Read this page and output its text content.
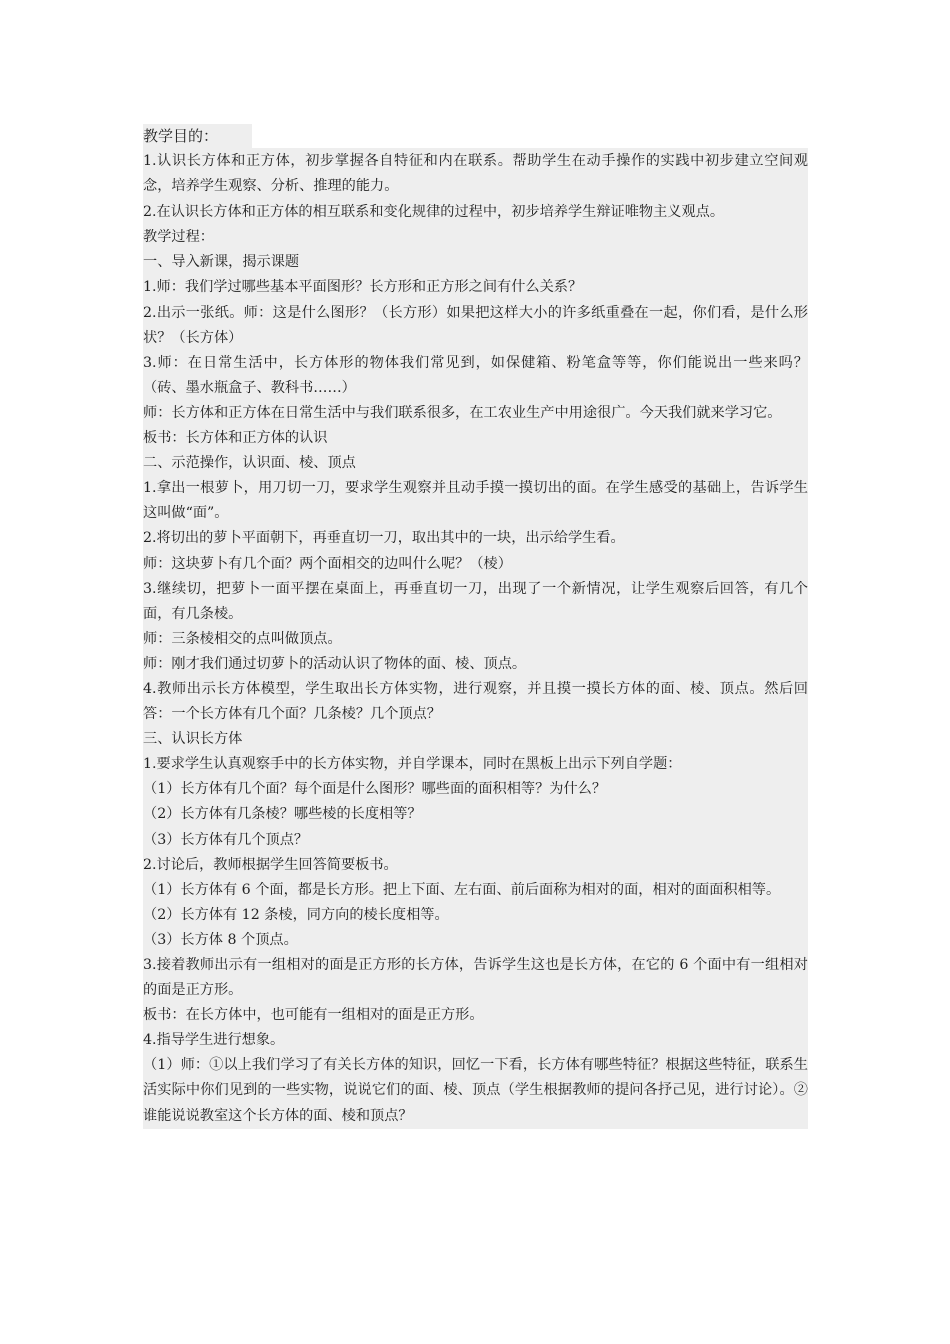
教学目的：

1.认识长方体和正方体，初步掌握各自特征和内在联系。帮助学生在动手操作的实践中初步建立空间观念，培养学生观察、分析、推理的能力。

2.在认识长方体和正方体的相互联系和变化规律的过程中，初步培养学生辩证唯物主义观点。

教学过程：

一、导入新课，揭示课题

1.师：我们学过哪些基本平面图形？长方形和正方形之间有什么关系？

2.出示一张纸。师：这是什么图形？（长方形）如果把这样大小的许多纸重叠在一起，你们看，是什么形状？（长方体）

3.师：在日常生活中，长方体形的物体我们常见到，如保健箱、粉笔盒等等，你们能说出一些来吗？（砖、墨水瓶盒子、教科书……）

师：长方体和正方体在日常生活中与我们联系很多，在工农业生产中用途很广。今天我们就来学习它。

板书：长方体和正方体的认识

二、示范操作，认识面、棱、顶点

1.拿出一根萝卜，用刀切一刀，要求学生观察并且动手摸一摸切出的面。在学生感受的基础上，告诉学生这叫做“面”。

2.将切出的萝卜平面朝下，再垂直切一刀，取出其中的一块，出示给学生看。

师：这块萝卜有几个面？两个面相交的边叫什么呢？（棱）

3.继续切，把萝卜一面平摆在桌面上，再垂直切一刀，出现了一个新情况，让学生观察后回答，有几个面，有几条棱。

师：三条棱相交的点叫做顶点。

师：刚才我们通过切萝卜的活动认识了物体的面、棱、顶点。

4.教师出示长方体模型，学生取出长方体实物，进行观察，并且摸一摸长方体的面、棱、顶点。然后回答：一个长方体有几个面？几条棱？几个顶点？

三、认识长方体

1.要求学生认真观察手中的长方体实物，并自学课本，同时在黑板上出示下列自学题：

（1）长方体有几个面？每个面是什么图形？哪些面的面积相等？为什么？

（2）长方体有几条棱？哪些棱的长度相等？

（3）长方体有几个顶点？

2.讨论后，教师根据学生回答简要板书。

（1）长方体有 6 个面，都是长方形。把上下面、左右面、前后面称为相对的面，相对的面面积相等。

（2）长方体有 12 条棱，同方向的棱长度相等。

（3）长方体 8 个顶点。

3.接着教师出示有一组相对的面是正方形的长方体，告诉学生这也是长方体，在它的 6 个面中有一组相对的面是正方形。

板书：在长方体中，也可能有一组相对的面是正方形。

4.指导学生进行想象。

（1）师：①以上我们学习了有关长方体的知识，回忆一下看，长方体有哪些特征？根据这些特征，联系生活实际中你们见到的一些实物，说说它们的面、棱、顶点（学生根据教师的提问各抒己见，进行讨论）。②谁能说说教室这个长方体的面、棱和顶点？
